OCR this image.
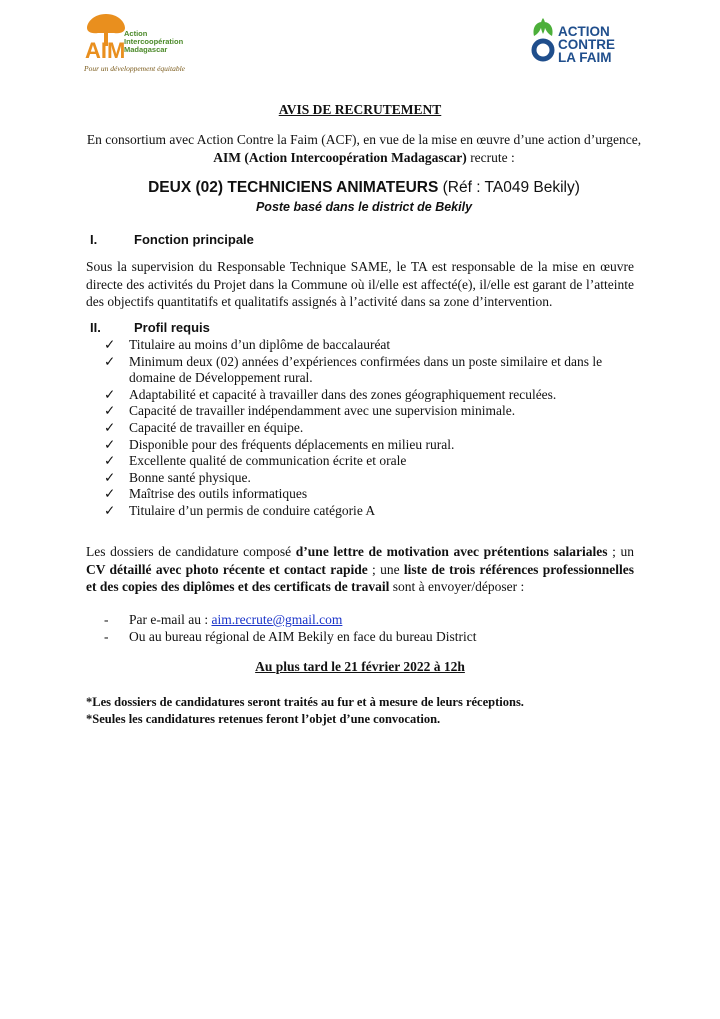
AIM
Action
Intercoopération
Madagascar
Pour un développement équitable
ACTION
CONTRE
LA FAIM
AVIS DE RECRUTEMENT
En consortium avec Action Contre la Faim (ACF), en vue de la mise en œuvre d’une action d’urgence, AIM (Action Intercoopération Madagascar) recrute :
DEUX (02) TECHNICIENS ANIMATEURS (Réf : TA049 Bekily)
Poste basé dans le district de Bekily
I.	Fonction principale
Sous la supervision du Responsable Technique SAME, le TA est responsable de la mise en œuvre directe des activités du Projet dans la Commune où il/elle est affecté(e), il/elle est garant de l’atteinte des objectifs quantitatifs et qualitatifs assignés à l’activité dans sa zone d’intervention.
II.	Profil requis
✓ Titulaire au moins d’un diplôme de baccalauréat
✓ Minimum deux (02) années d’expériences confirmées dans un poste similaire et dans le domaine de Développement rural.
✓ Adaptabilité et capacité à travailler dans des zones géographiquement reculées.
✓ Capacité de travailler indépendamment avec une supervision minimale.
✓ Capacité de travailler en équipe.
✓ Disponible pour des fréquents déplacements en milieu rural.
✓ Excellente qualité de communication écrite et orale
✓ Bonne santé physique.
✓ Maîtrise des outils informatiques
✓ Titulaire d’un permis de conduire catégorie A
Les dossiers de candidature composé d’une lettre de motivation avec prétentions salariales ; un CV détaillé avec photo récente et contact rapide ; une liste de trois références professionnelles et des copies des diplômes et des certificats de travail sont à envoyer/déposer :
- Par e-mail au : aim.recrute@gmail.com
- Ou au bureau régional de AIM Bekily en face du bureau District
Au plus tard le 21 février 2022 à 12h
*Les dossiers de candidatures seront traités au fur et à mesure de leurs réceptions.
*Seules les candidatures retenues feront l’objet d’une convocation.
